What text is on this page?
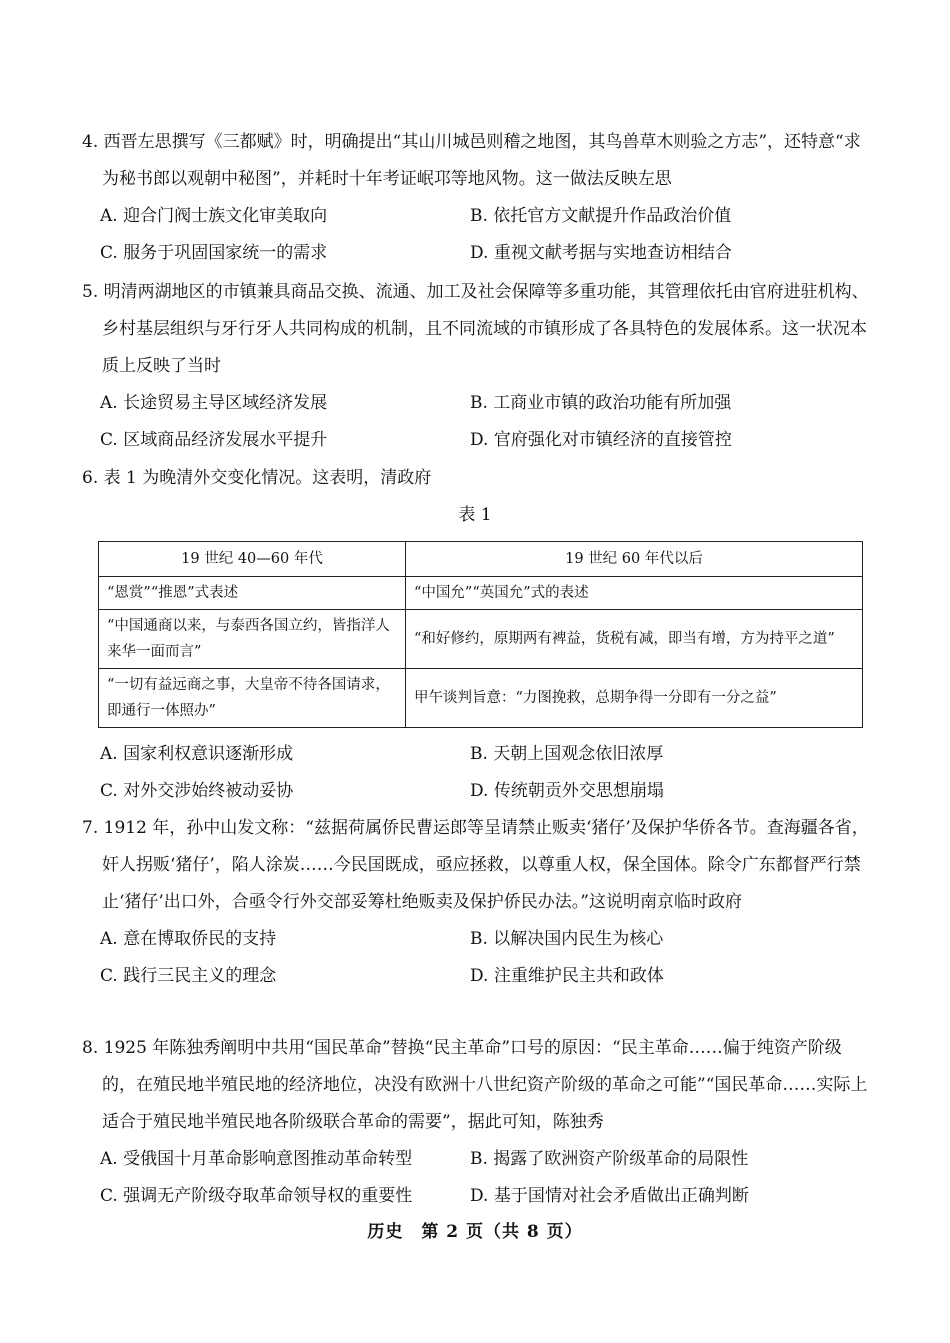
4. 西晋左思撰写《三都赋》时，明确提出“其山川城邑则稽之地图，其鸟兽草木则验之方志”，还特意“求为秘书郎以观朝中秘图”，并耗时十年考证岷邛等地风物。这一做法反映左思

A. 迎合门阀士族文化审美取向	B. 依托官方文献提升作品政治价值
C. 服务于巩固国家统一的需求	D. 重视文献考据与实地查访相结合

5. 明清两湖地区的市镇兼具商品交换、流通、加工及社会保障等多重功能，其管理依托由官府进驻机构、乡村基层组织与牙行牙人共同构成的机制，且不同流域的市镇形成了各具特色的发展体系。这一状况本质上反映了当时

A. 长途贸易主导区域经济发展	B. 工商业市镇的政治功能有所加强
C. 区域商品经济发展水平提升	D. 官府强化对市镇经济的直接管控

6. 表 1 为晚清外交变化情况。这表明，清政府

表 1
19 世纪 40—60 年代	19 世纪 60 年代以后
“恩赏”“推恩”式表述	“中国允”“英国允”式的表述
“中国通商以来，与泰西各国立约，皆指洋人来华一面而言”	“和好修约，原期两有裨益，货税有减，即当有增，方为持平之道”
“一切有益远商之事，大皇帝不待各国请求，即通行一体照办”	甲午谈判旨意：“力图挽救，总期争得一分即有一分之益”
A. 国家利权意识逐渐形成	B. 天朝上国观念依旧浓厚
C. 对外交涉始终被动妥协	D. 传统朝贡外交思想崩塌

7. 1912 年，孙中山发文称：“兹据荷属侨民曹运郎等呈请禁止贩卖‘猪仔’及保护华侨各节。查海疆各省，奸人拐贩‘猪仔’，陷人涂炭……今民国既成，亟应拯救，以尊重人权，保全国体。除令广东都督严行禁止‘猪仔’出口外，合亟令行外交部妥筹杜绝贩卖及保护侨民办法。”这说明南京临时政府

A. 意在博取侨民的支持	B. 以解决国内民生为核心
C. 践行三民主义的理念	D. 注重维护民主共和政体

8. 1925 年陈独秀阐明中共用“国民革命”替换“民主革命”口号的原因：“民主革命……偏于纯资产阶级的，在殖民地半殖民地的经济地位，决没有欧洲十八世纪资产阶级的革命之可能”“国民革命……实际上适合于殖民地半殖民地各阶级联合革命的需要”，据此可知，陈独秀

A. 受俄国十月革命影响意图推动革命转型	B. 揭露了欧洲资产阶级革命的局限性
C. 强调无产阶级夺取革命领导权的重要性	D. 基于国情对社会矛盾做出正确判断
历史　第 2 页（共 8 页）
